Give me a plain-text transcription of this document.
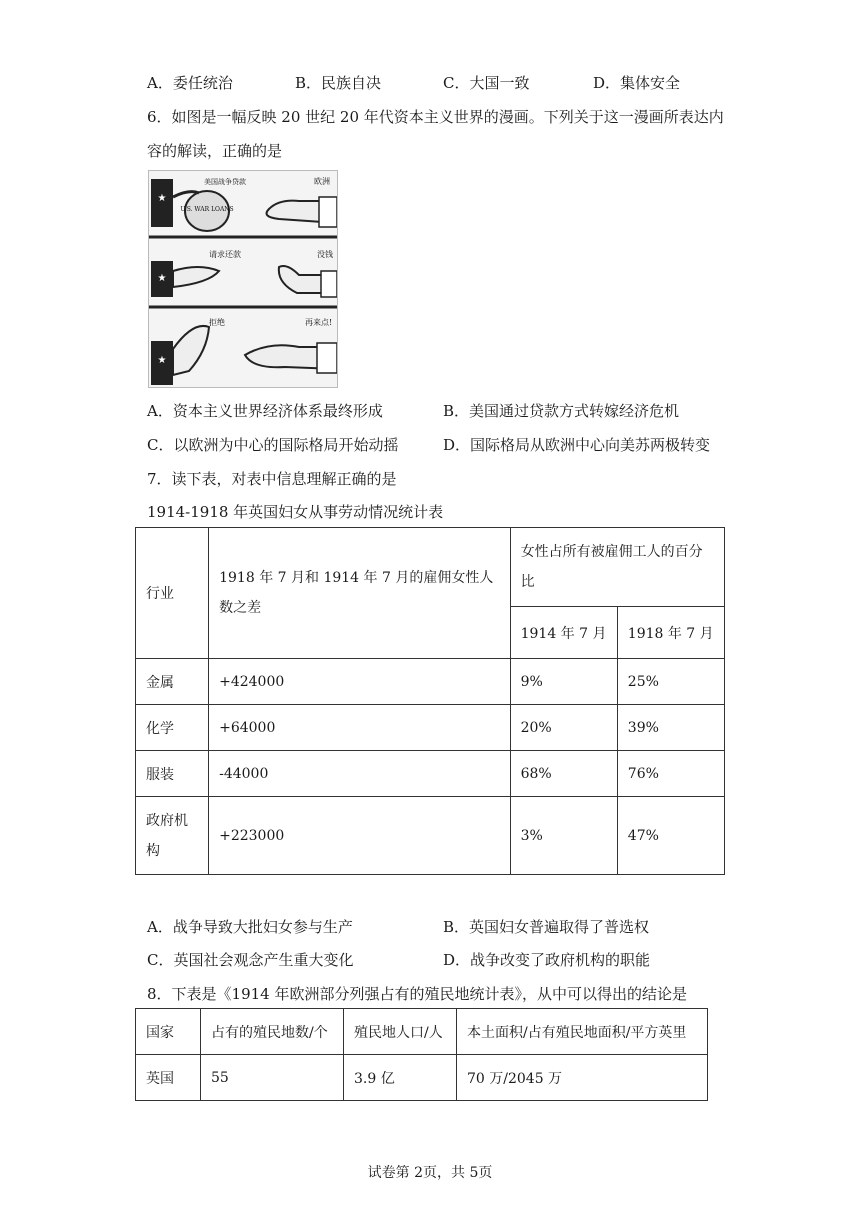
A．委任统治	B．民族自决	C．大国一致	D．集体安全
6．如图是一幅反映 20 世纪 20 年代资本主义世界的漫画。下列关于这一漫画所表达内
容的解读，正确的是
★
U.S. WAR LOANS
美国战争贷款	欧洲
★
请求还款	没钱
★
拒绝	再来点!
A．资本主义世界经济体系最终形成	B．美国通过贷款方式转嫁经济危机
C．以欧洲为中心的国际格局开始动摇	D．国际格局从欧洲中心向美苏两极转变
7．读下表，对表中信息理解正确的是
1914-1918 年英国妇女从事劳动情况统计表
行业	1918 年 7 月和 1914 年 7 月的雇佣女性人数之差	女性占所有被雇佣工人的百分比	
		1914 年 7 月	1918 年 7 月
金属	+424000	9%	25%
化学	+64000	20%	39%
服装	-44000	68%	76%
政府机构	+223000	3%	47%
A．战争导致大批妇女参与生产	B．英国妇女普遍取得了普选权
C．英国社会观念产生重大变化	D．战争改变了政府机构的职能
8．下表是《1914 年欧洲部分列强占有的殖民地统计表》，从中可以得出的结论是
国家	占有的殖民地数/个	殖民地人口/人	本土面积/占有殖民地面积/平方英里
英国	55	3.9 亿	70 万/2045 万
试卷第 2页，共 5页
